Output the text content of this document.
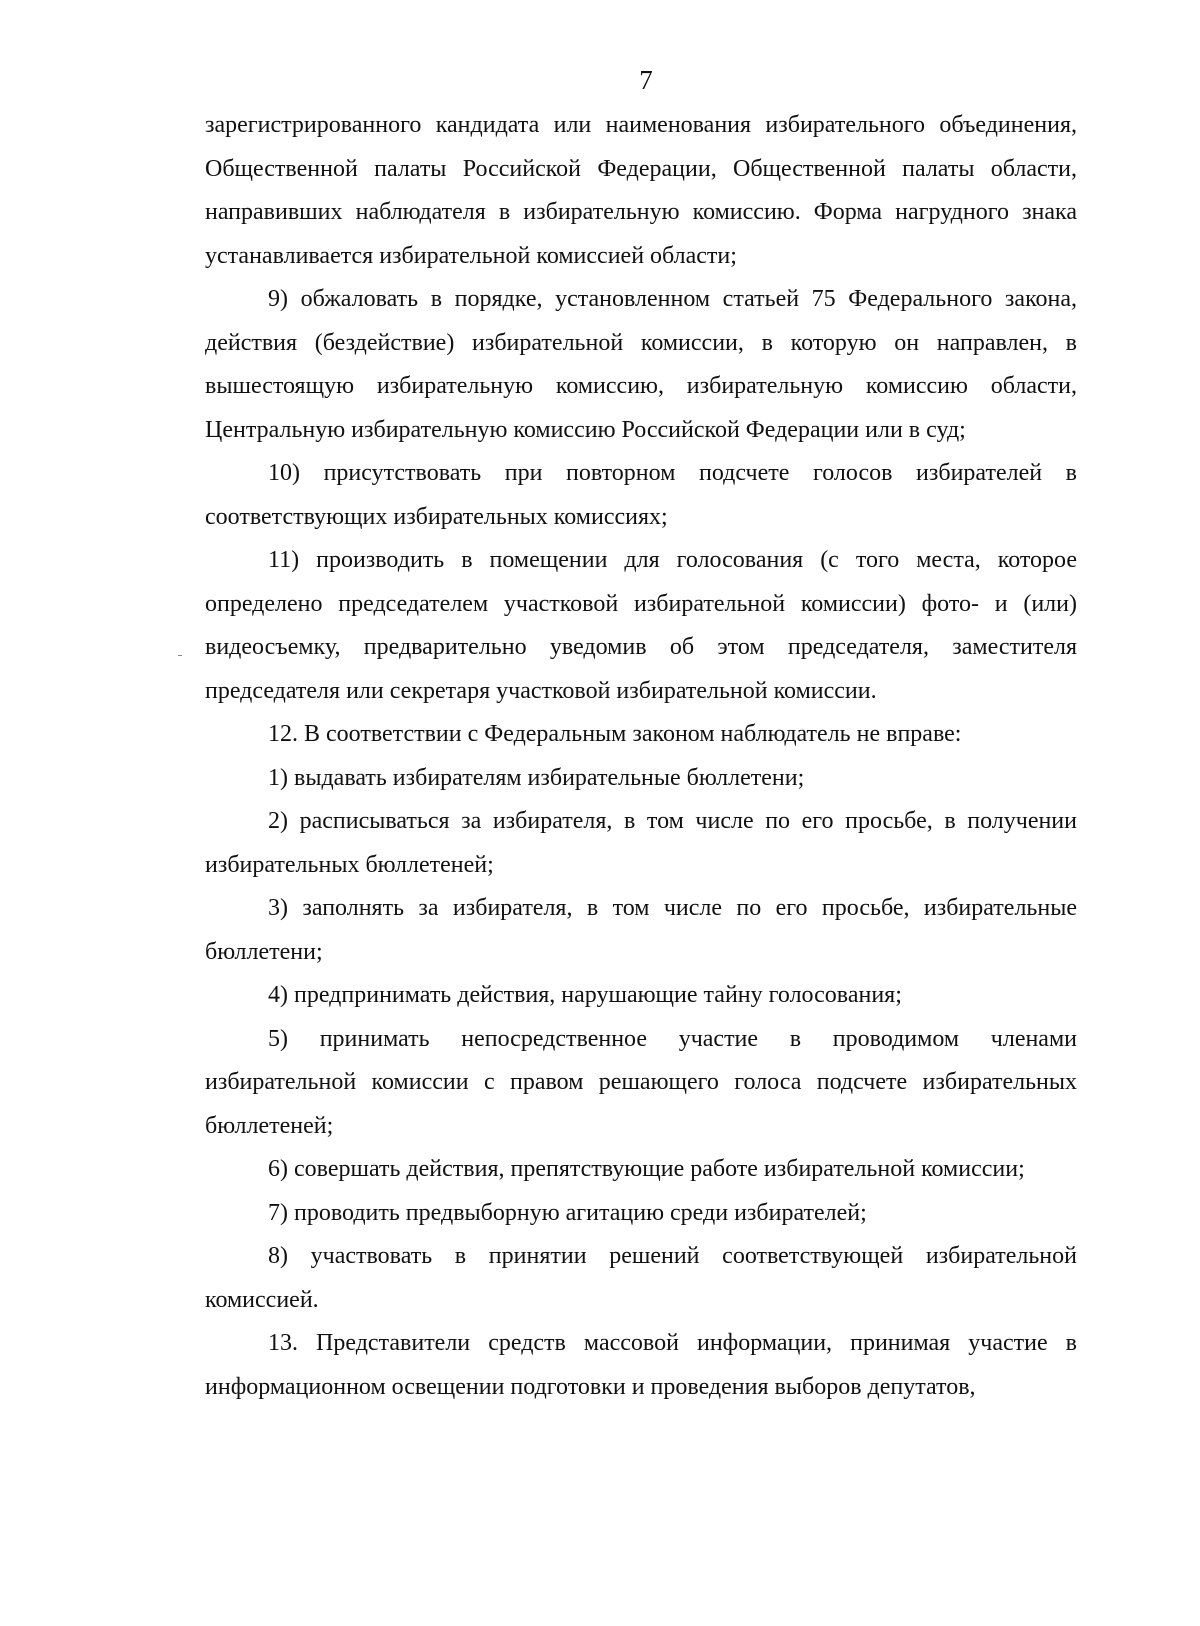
7

зарегистрированного кандидата или наименования избирательного объединения, Общественной палаты Российской Федерации, Общественной палаты области, направивших наблюдателя в избирательную комиссию. Форма нагрудного знака устанавливается избирательной комиссией области;

9) обжаловать в порядке, установленном статьей 75 Федерального закона, действия (бездействие) избирательной комиссии, в которую он направлен, в вышестоящую избирательную комиссию, избирательную комиссию области, Центральную избирательную комиссию Российской Федерации или в суд;

10) присутствовать при повторном подсчете голосов избирателей в соответствующих избирательных комиссиях;

11) производить в помещении для голосования (с того места, которое определено председателем участковой избирательной комиссии) фото- и (или) видеосъемку, предварительно уведомив об этом председателя, заместителя председателя или секретаря участковой избирательной комиссии.

12. В соответствии с Федеральным законом наблюдатель не вправе:

1) выдавать избирателям избирательные бюллетени;

2) расписываться за избирателя, в том числе по его просьбе, в получении избирательных бюллетеней;

3) заполнять за избирателя, в том числе по его просьбе, избирательные бюллетени;

4) предпринимать действия, нарушающие тайну голосования;

5) принимать непосредственное участие в проводимом членами избирательной комиссии с правом решающего голоса подсчете избирательных бюллетеней;

6) совершать действия, препятствующие работе избирательной комиссии;

7) проводить предвыборную агитацию среди избирателей;

8) участвовать в принятии решений соответствующей избирательной комиссией.

13. Представители средств массовой информации, принимая участие в информационном освещении подготовки и проведения выборов депутатов,
